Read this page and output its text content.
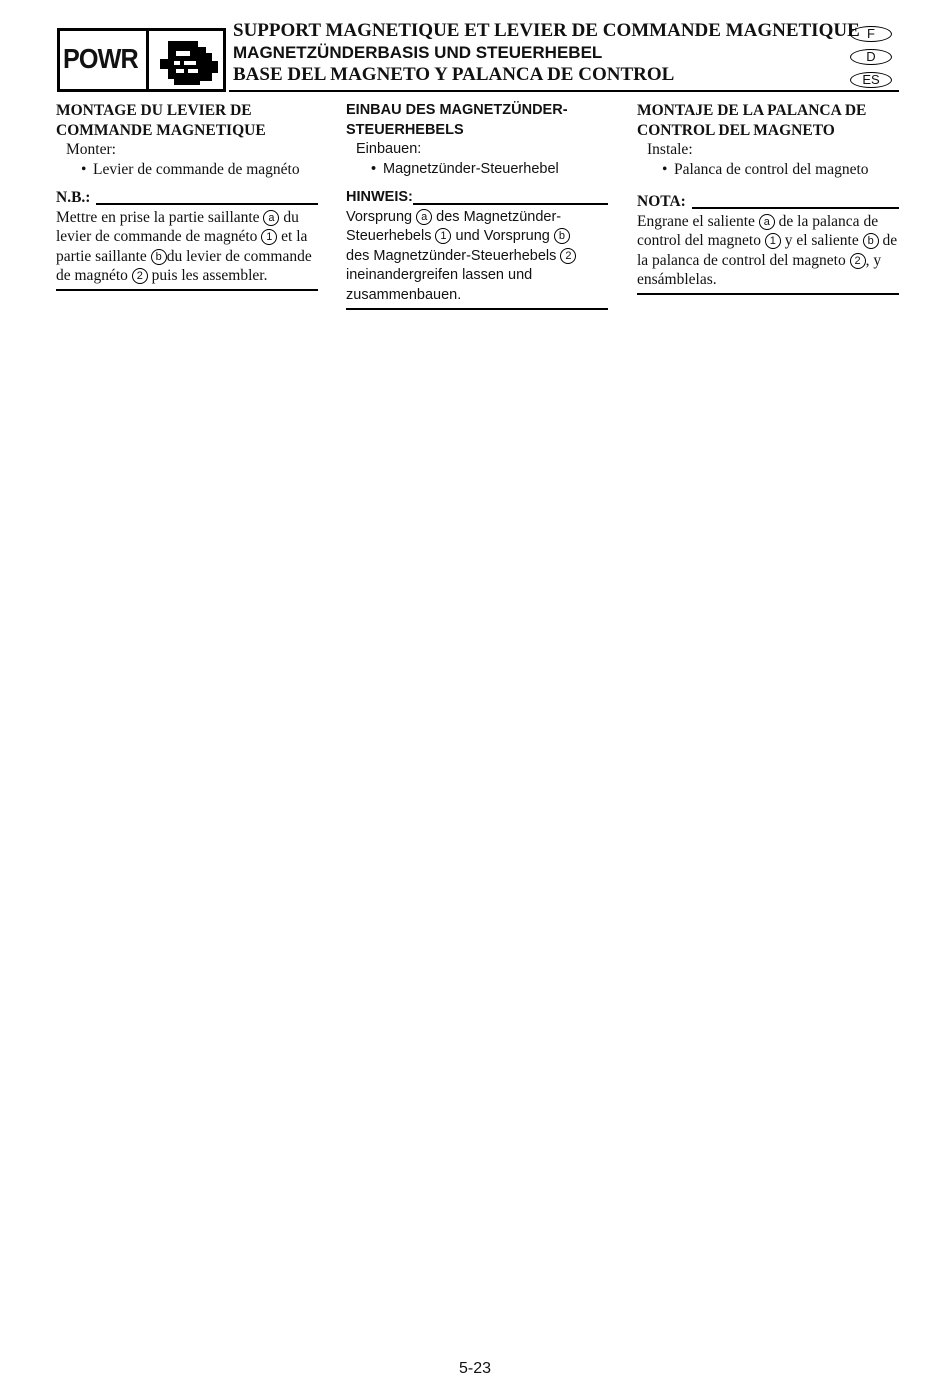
POWR
SUPPORT MAGNETIQUE ET LEVIER DE COMMANDE MAGNETIQUE
MAGNETZÜNDERBASIS UND STEUERHEBEL
BASE DEL MAGNETO Y PALANCA DE CONTROL
F
D
ES
MONTAGE DU LEVIER DE
COMMANDE MAGNETIQUE
Monter:
• Levier de commande de magnéto
N.B.:
Mettre en prise la partie saillante a du
levier de commande de magnéto 1 et la
partie saillante b du levier de commande
de magnéto 2 puis les assembler.
EINBAU DES MAGNETZÜNDER-
STEUERHEBELS
Einbauen:
• Magnetzünder-Steuerhebel
HINWEIS:
Vorsprung a des Magnetzünder-
Steuerhebels 1 und Vorsprung b
des Magnetzünder-Steuerhebels 2
ineinandergreifen lassen und
zusammenbauen.
MONTAJE DE LA PALANCA DE
CONTROL DEL MAGNETO
Instale:
• Palanca de control del magneto
NOTA:
Engrane el saliente a de la palanca de
control del magneto 1 y el saliente b de
la palanca de control del magneto 2 , y
ensámblelas.
5-23
